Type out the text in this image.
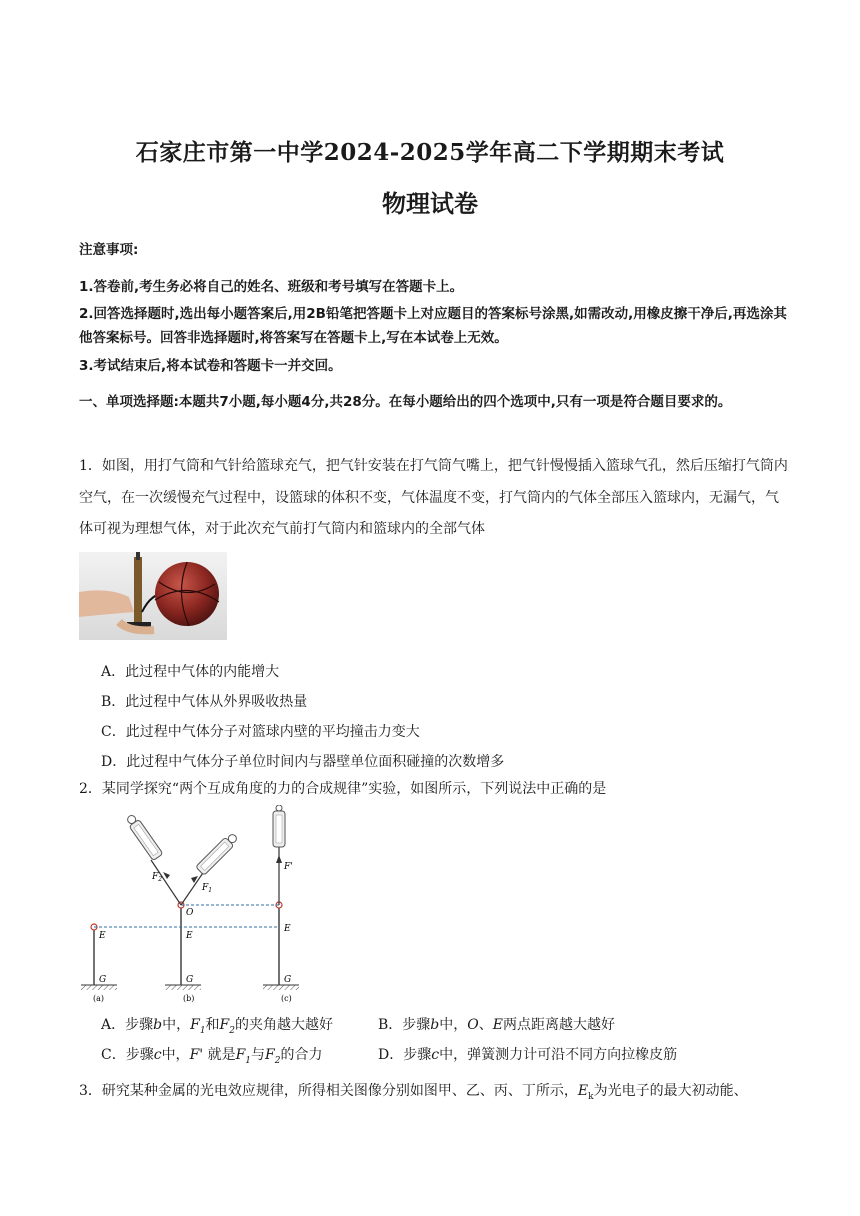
石家庄市第一中学2024-2025学年高二下学期期末考试
物理试卷
注意事项:
1.答卷前,考生务必将自己的姓名、班级和考号填写在答题卡上。
2.回答选择题时,选出每小题答案后,用2B铅笔把答题卡上对应题目的答案标号涂黑,如需改动,用橡皮擦干净后,再选涂其他答案标号。回答非选择题时,将答案写在答题卡上,写在本试卷上无效。
3.考试结束后,将本试卷和答题卡一并交回。
一、单项选择题:本题共7小题,每小题4分,共28分。在每小题给出的四个选项中,只有一项是符合题目要求的。
1．如图，用打气筒和气针给篮球充气，把气针安装在打气筒气嘴上，把气针慢慢插入篮球气孔，然后压缩打气筒内空气，在一次缓慢充气过程中，设篮球的体积不变，气体温度不变，打气筒内的气体全部压入篮球内，无漏气，气体可视为理想气体，对于此次充气前打气筒内和篮球内的全部气体
A．此过程中气体的内能增大
B．此过程中气体从外界吸收热量
C．此过程中气体分子对篮球内壁的平均撞击力变大
D．此过程中气体分子单位时间内与器壁单位面积碰撞的次数增多
2．某同学探究“两个互成角度的力的合成规律”实验，如图所示，下列说法中正确的是
$F_2$
$F_1$
F'
O
E	E
E
G	G	G
(a)	(b)	(c)
A．步骤b中，$F_1$和$F_2$的夹角越大越好	B．步骤b中，O、E两点距离越大越好
C．步骤c中，F' 就是$F_1$与$F_2$的合力	D．步骤c中，弹簧测力计可沿不同方向拉橡皮筋
3．研究某种金属的光电效应规律，所得相关图像分别如图甲、乙、丙、丁所示，$E_k$为光电子的最大初动能、
